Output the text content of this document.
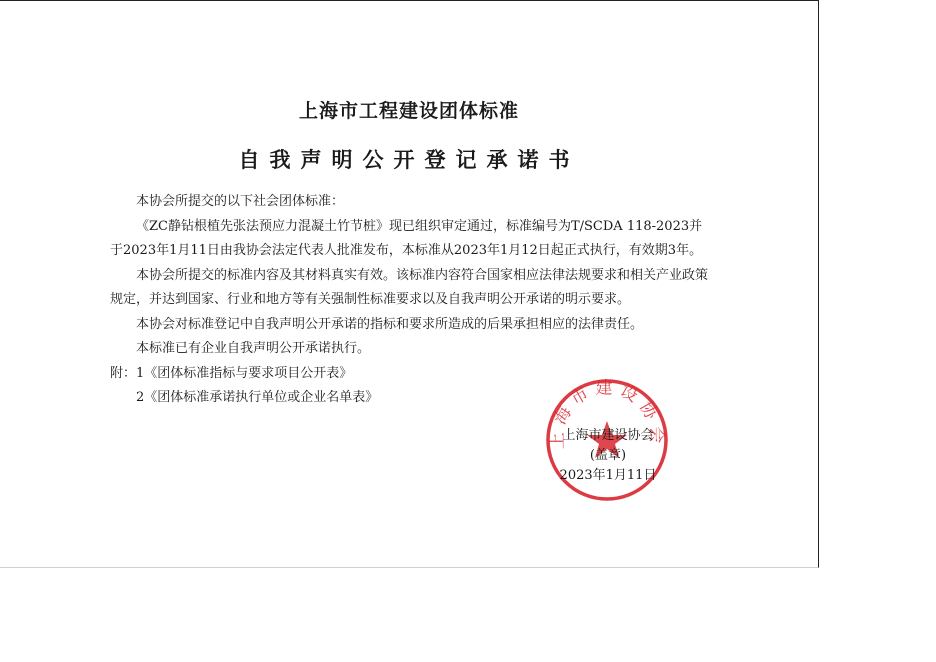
上海市工程建设团体标准
自我声明公开登记承诺书

本协会所提交的以下社会团体标准：

《ZC静钻根植先张法预应力混凝土竹节桩》现已组织审定通过，标准编号为T/SCDA 118-2023并于2023年1月11日由我协会法定代表人批准发布，本标准从2023年1月12日起正式执行，有效期3年。

本协会所提交的标准内容及其材料真实有效。该标准内容符合国家相应法律法规要求和相关产业政策规定，并达到国家、行业和地方等有关强制性标准要求以及自我声明公开承诺的明示要求。

本协会对标准登记中自我声明公开承诺的指标和要求所造成的后果承担相应的法律责任。

本标准已有企业自我声明公开承诺执行。

附：1《团体标准指标与要求项目公开表》

2《团体标准承诺执行单位或企业名单表》

上海市建设协会
上海市建设协会
(盖章)
2023年1月11日
